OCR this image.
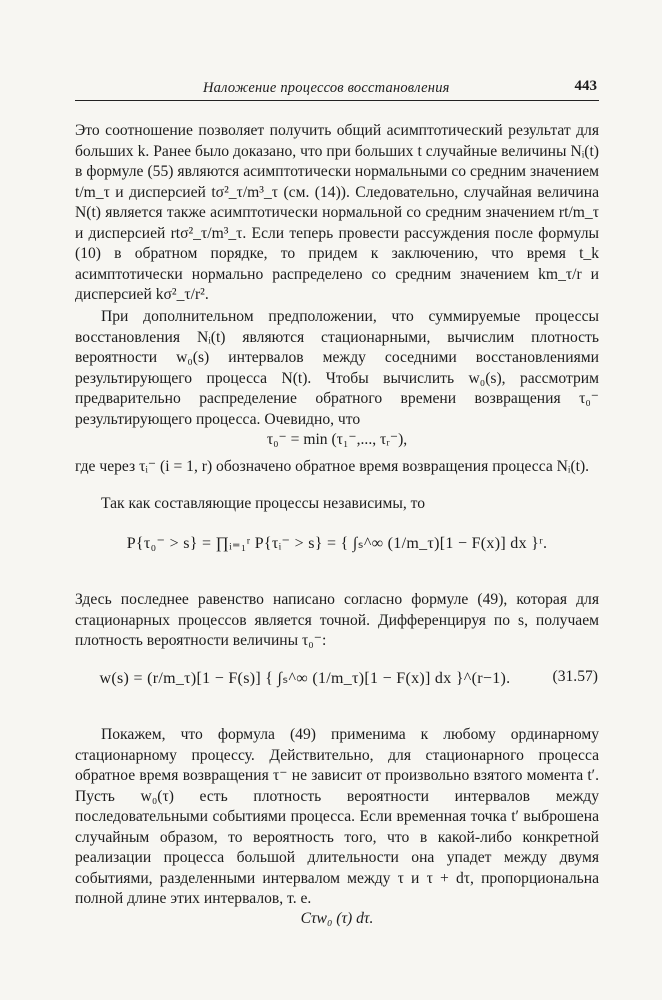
Наложение процессов восстановления	443

Это соотношение позволяет получить общий асимптотический результат для больших k. Ранее было доказано, что при больших t случайные величины Nᵢ(t) в формуле (55) являются асимптотически нормальными со средним значением t/m_τ и дисперсией tσ²_τ/m³_τ (см. (14)). Следовательно, случайная величина N(t) является также асимптотически нормальной со средним значением rt/m_τ и дисперсией rtσ²_τ/m³_τ. Если теперь провести рассуждения после формулы (10) в обратном порядке, то придем к заключению, что время t_k асимптотически нормально распределено со средним значением km_τ/r и дисперсией kσ²_τ/r².

При дополнительном предположении, что суммируемые процессы восстановления Nᵢ(t) являются стационарными, вычислим плотность вероятности w₀(s) интервалов между соседними восстановлениями результирующего процесса N(t). Чтобы вычислить w₀(s), рассмотрим предварительно распределение обратного времени возвращения τ₀⁻ результирующего процесса. Очевидно, что

τ₀⁻ = min (τ₁⁻,..., τᵣ⁻),

где через τᵢ⁻ (i = 1, r) обозначено обратное время возвращения процесса Nᵢ(t).

Так как составляющие процессы независимы, то

P{τ₀⁻ > s} = ∏ᵢ₌₁ʳ P{τᵢ⁻ > s} = { ∫ₛ^∞ (1/m_τ)[1 − F(x)] dx }ʳ.

Здесь последнее равенство написано согласно формуле (49), которая для стационарных процессов является точной. Дифференцируя по s, получаем плотность вероятности величины τ₀⁻:

w(s) = (r/m_τ)[1 − F(s)] { ∫ₛ^∞ (1/m_τ)[1 − F(x)] dx }^(r−1).	(31.57)

Покажем, что формула (49) применима к любому ординарному стационарному процессу. Действительно, для стационарного процесса обратное время возвращения τ⁻ не зависит от произвольно взятого момента t′. Пусть w₀(τ) есть плотность вероятности интервалов между последовательными событиями процесса. Если временная точка t′ выброшена случайным образом, то вероятность того, что в какой-либо конкретной реализации процесса большой длительности она упадет между двумя событиями, разделенными интервалом между τ и τ + dτ, пропорциональна полной длине этих интервалов, т. е.

Cτw₀ (τ) dτ.
